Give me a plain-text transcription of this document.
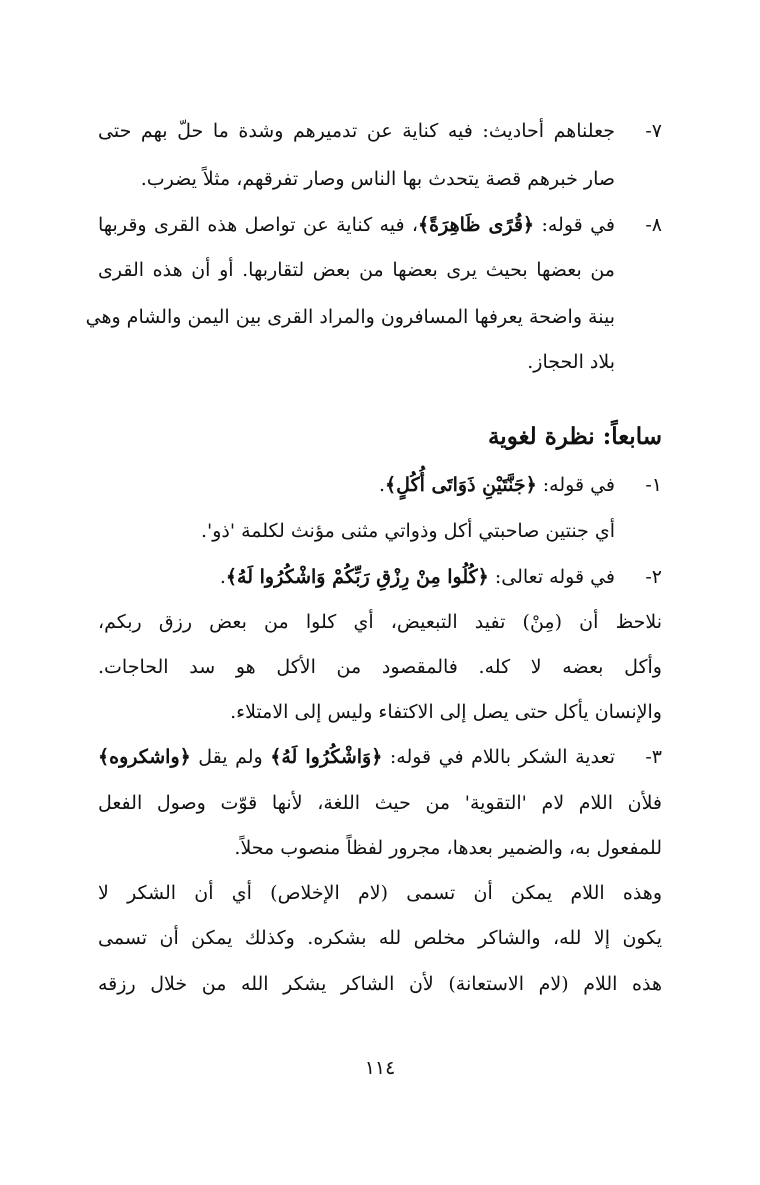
٧-
جعلناهم أحاديث: فيه كناية عن تدميرهم وشدة ما حلّ بهم حتى
صار خبرهم قصة يتحدث بها الناس وصار تفرقهم، مثلاً يضرب.
٨-
في قوله: ﴿قُرًى ظَاهِرَةً﴾، فيه كناية عن تواصل هذه القرى وقربها
من بعضها بحيث يرى بعضها من بعض لتقاربها. أو أن هذه القرى
بينة واضحة يعرفها المسافرون والمراد القرى بين اليمن والشام وهي
بلاد الحجاز.
سابعاً: نظرة لغوية
١-
في قوله: ﴿جَنَّتَيْنِ ذَوَاتَى أُكُلٍ﴾.
أي جنتين صاحبتي أكل وذواتي مثنى مؤنث لكلمة 'ذو'.
٢-
في قوله تعالى: ﴿كُلُوا مِنْ رِزْقِ رَبِّكُمْ وَاشْكُرُوا لَهُ﴾.
نلاحظ أن (مِنْ) تفيد التبعيض، أي كلوا من بعض رزق ربكم،
وأكل بعضه لا كله. فالمقصود من الأكل هو سد الحاجات.
والإنسان يأكل حتى يصل إلى الاكتفاء وليس إلى الامتلاء.
٣-
تعدية الشكر باللام في قوله: ﴿وَاشْكُرُوا لَهُ﴾ ولم يقل ﴿واشكروه﴾
فلأن اللام لام 'التقوية' من حيث اللغة، لأنها قوّت وصول الفعل
للمفعول به، والضمير بعدها، مجرور لفظاً منصوب محلاً.
وهذه اللام يمكن أن تسمى (لام الإخلاص) أي أن الشكر لا
يكون إلا لله، والشاكر مخلص لله بشكره. وكذلك يمكن أن تسمى
هذه اللام (لام الاستعانة) لأن الشاكر يشكر الله من خلال رزقه
١١٤
